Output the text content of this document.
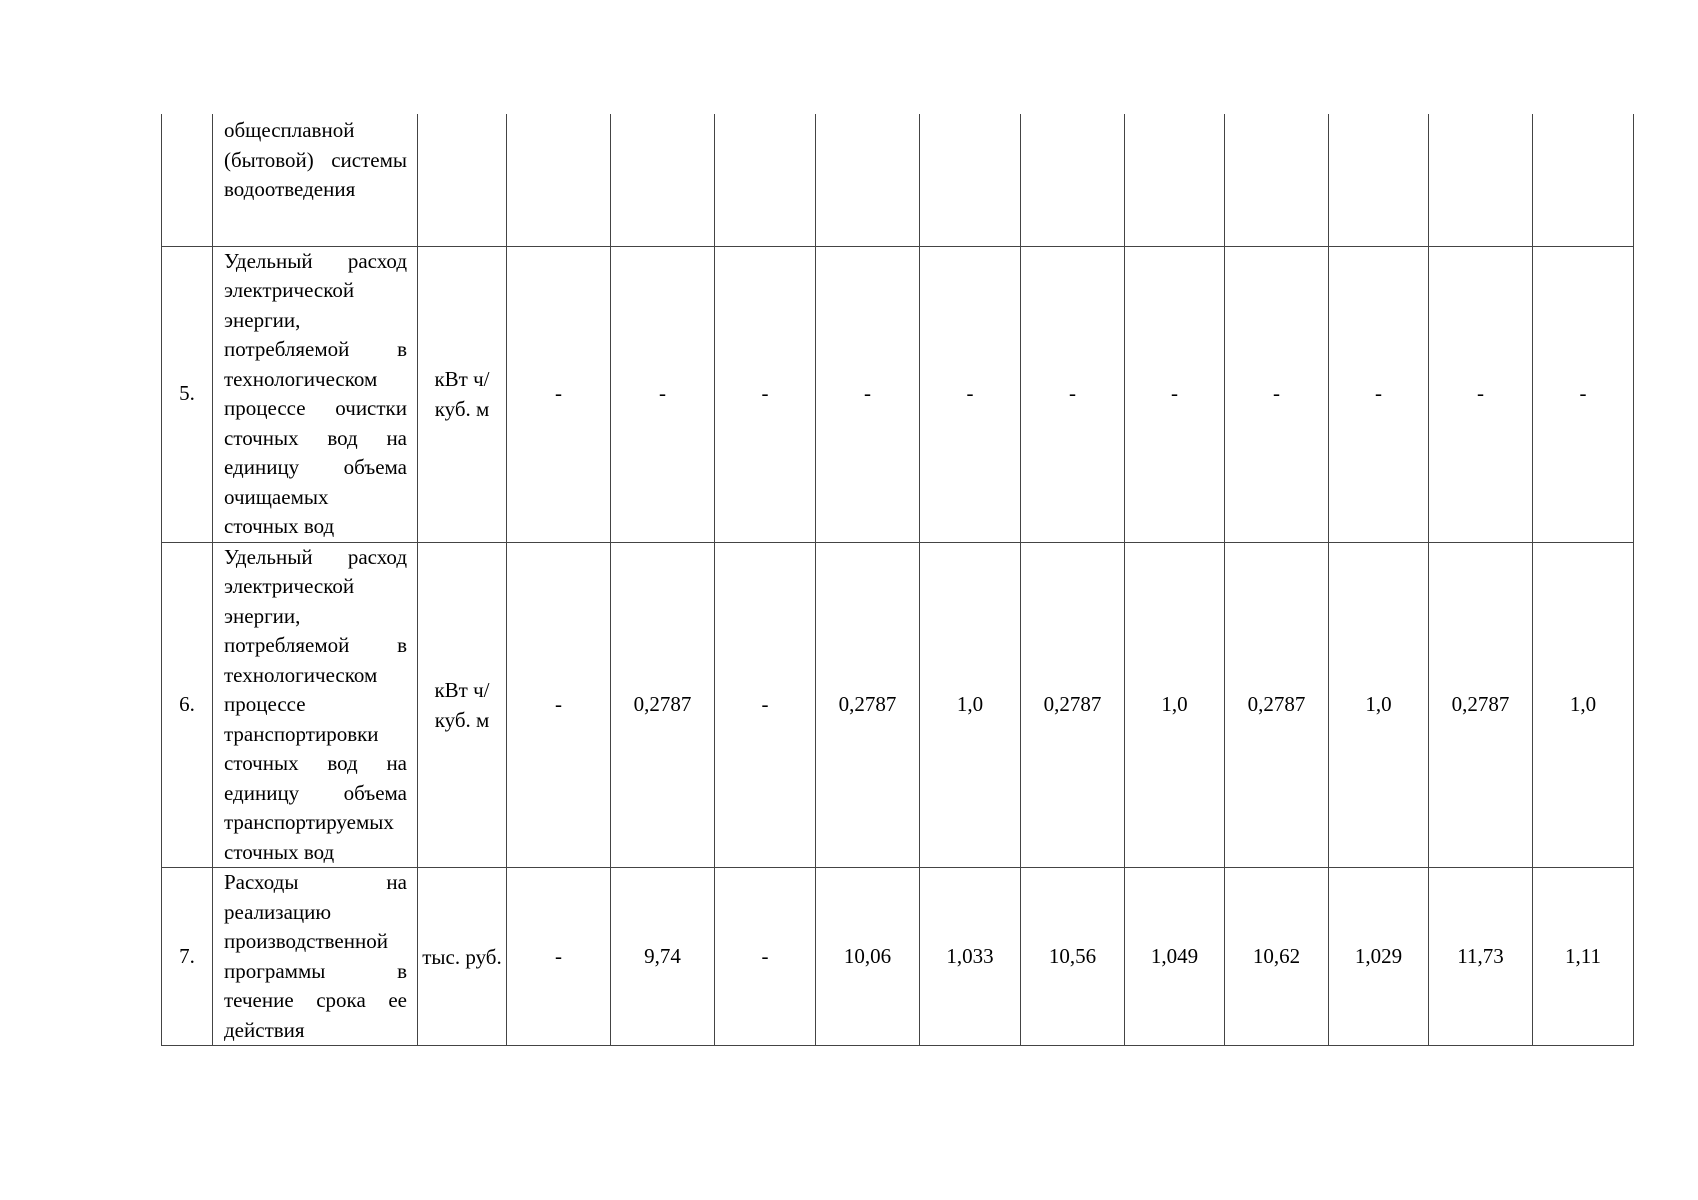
	общесплавной (бытовой) системы водоотведения													
5.	Удельный расход электрической энергии, потребляемой в технологическом процессе очистки сточных вод на единицу объема очищаемых сточных вод	кВт ч/куб. м	-	-	-	-	-	-	-	-	-	-	-	
6.	Удельный расход электрической энергии, потребляемой в технологическом процессе транспортировки сточных вод на единицу объема транспортируемых сточных вод	кВт ч/куб. м	-	0,2787	-	0,2787	1,0	0,2787	1,0	0,2787	1,0	0,2787	1,0	
7.	Расходы на реализацию производственной программы в течение срока ее действия	тыс. руб.	-	9,74	-	10,06	1,033	10,56	1,049	10,62	1,029	11,73	1,11	
